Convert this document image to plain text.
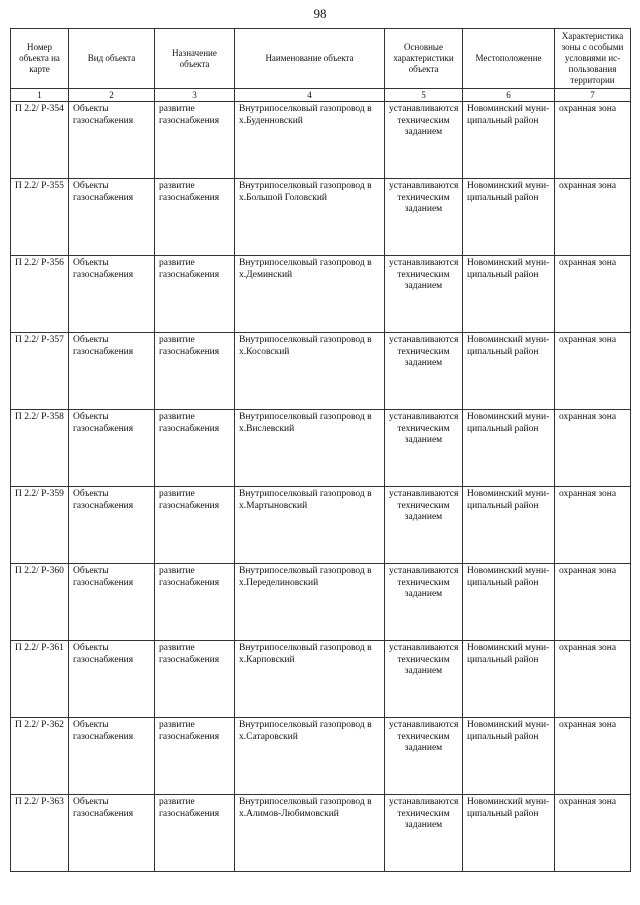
98
Номер объекта на карте	Вид объекта	Назначение объекта	Наименование объекта	Основные характеристики объекта	Местоположение	Характеристика зоны с особыми условиями ис-пользования территории
1	2	3	4	5	6	7
П 2.2/ Р-354	Объекты газоснабжения	развитие газоснабжения	Внутрипоселковый газопровод в х.Буденновский	устанавливаются техническим заданием	Новоминский муни-ципальный район	охранная зона
П 2.2/ Р-355	Объекты газоснабжения	развитие газоснабжения	Внутрипоселковый газопровод в х.Большой Головский	устанавливаются техническим заданием	Новоминский муни-ципальный район	охранная зона
П 2.2/ Р-356	Объекты газоснабжения	развитие газоснабжения	Внутрипоселковый газопровод в х.Деминский	устанавливаются техническим заданием	Новоминский муни-ципальный район	охранная зона
П 2.2/ Р-357	Объекты газоснабжения	развитие газоснабжения	Внутрипоселковый газопровод в х.Косовский	устанавливаются техническим заданием	Новоминский муни-ципальный район	охранная зона
П 2.2/ Р-358	Объекты газоснабжения	развитие газоснабжения	Внутрипоселковый газопровод в х.Вислевский	устанавливаются техническим заданием	Новоминский муни-ципальный район	охранная зона
П 2.2/ Р-359	Объекты газоснабжения	развитие газоснабжения	Внутрипоселковый газопровод в х.Мартыновский	устанавливаются техническим заданием	Новоминский муни-ципальный район	охранная зона
П 2.2/ Р-360	Объекты газоснабжения	развитие газоснабжения	Внутрипоселковый газопровод в х.Переделиновский	устанавливаются техническим заданием	Новоминский муни-ципальный район	охранная зона
П 2.2/ Р-361	Объекты газоснабжения	развитие газоснабжения	Внутрипоселковый газопровод в х.Карповский	устанавливаются техническим заданием	Новоминский муни-ципальный район	охранная зона
П 2.2/ Р-362	Объекты газоснабжения	развитие газоснабжения	Внутрипоселковый газопровод в х.Сатаровский	устанавливаются техническим заданием	Новоминский муни-ципальный район	охранная зона
П 2.2/ Р-363	Объекты газоснабжения	развитие газоснабжения	Внутрипоселковый газопровод в х.Алимов-Любимовский	устанавливаются техническим заданием	Новоминский муни-ципальный район	охранная зона
